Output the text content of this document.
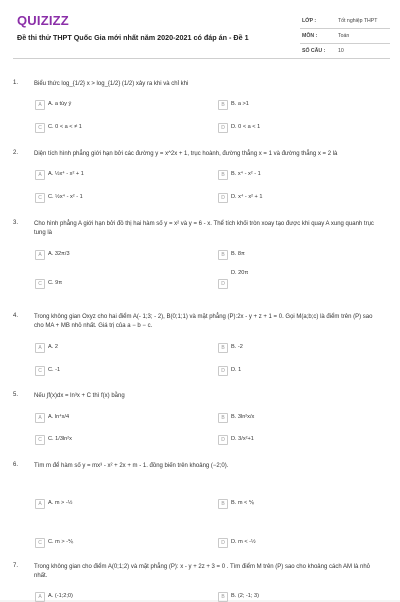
QUIZIZZ
Đề thi thử THPT Quốc Gia mới nhất năm 2020-2021 có đáp án - Đề 1
LỚP :	Tốt nghiệp THPT
MÔN :	Toán
SỐ CÂU : 10
1.	Biểu thức log_{1/2} x > log_{1/2} (1/2) xảy ra khi và chỉ khi
A	A. a tùy ý	B	B. a >1
C	C. 0 < a < ≠ 1	D	D. 0 < a < 1
2.	Diện tích hình phẳng giới hạn bởi các đường y = x^2x + 1, trục hoành, đường thẳng x = 1 và đường thẳng x = 2 là
A	A. ½x⁴ - x² + 1	B	B. x⁴ - x² - 1
C	C. ½x⁴ - x² - 1	D	D. x⁴ - x² + 1
3.	Cho hình phẳng A giới hạn bởi đồ thị hai hàm số y = x² và y = 6 - x. Thể tích khối tròn xoay tạo được khi quay A xung quanh trục tung là
A	A. 32π/3	B	B. 8π
C	C. 9π	D
D. 20π
4.	Trong không gian Oxyz cho hai điểm A(- 1;3; - 2), B(0;1;1) và mặt phẳng (P):2x - y + z + 1 = 0. Gọi M(a;b;c) là điểm trên (P) sao cho MA + MB nhỏ nhất. Giá trị của a − b − c.
A	A. 2	B	B. -2
C	C. -1	D	D. 1
5.	Nếu ∫f(x)dx = ln³x + C thì f(x) bằng
A	A. ln⁴x/4	B	B. 3ln²x/x
C	C. 1/3ln²x	D	D. 3/x²+1
6.	Tìm m để hàm số y = mx³ - x² + 2x + m - 1. đồng biến trên khoảng (−2;0).
A	A. m > -½	B	B. m < ⅙
C	C. m > -⅙	D	D. m < -½
7.	Trong không gian cho điểm A(0;1;2) và mặt phẳng (P): x - y + 2z + 3 = 0 . Tìm điểm M trên (P) sao cho khoảng cách AM là nhỏ nhất.
A	A. (-1;2;0)	B	B. (2; -1; 3)
